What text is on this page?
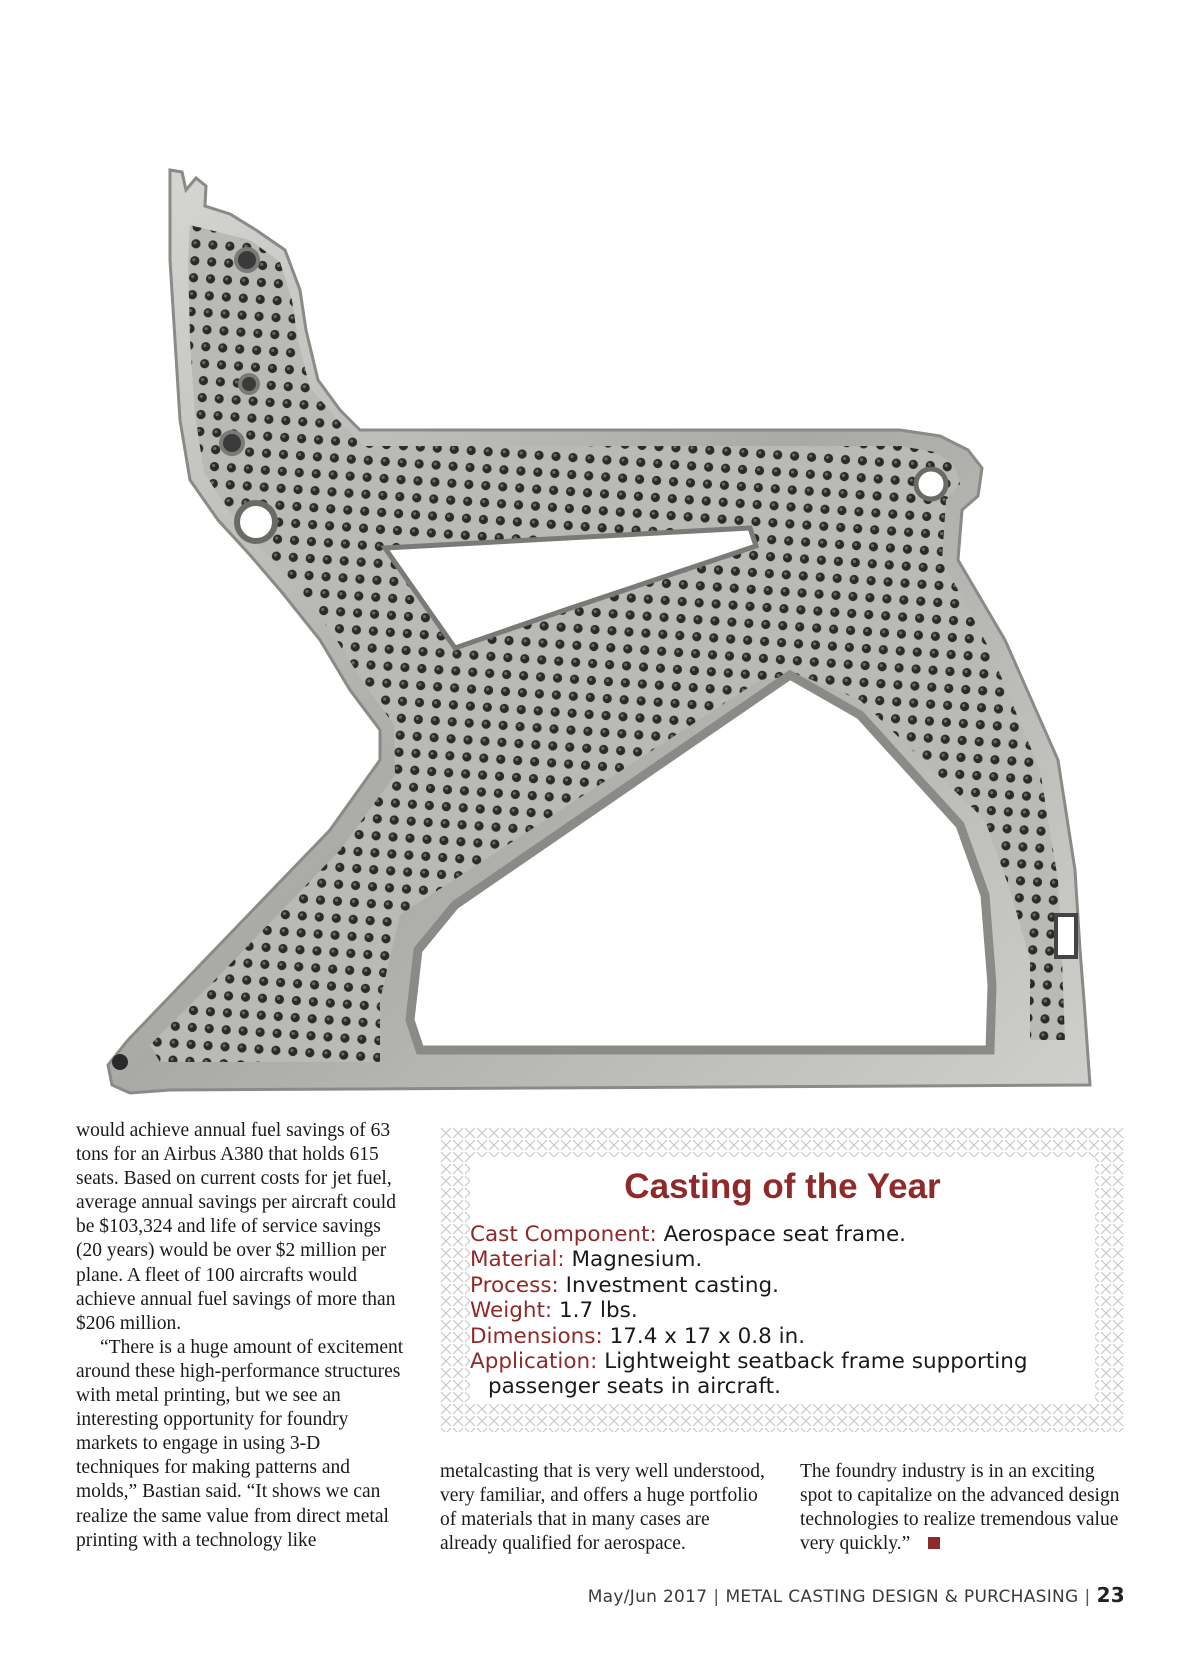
would achieve annual fuel savings of 63 tons for an Airbus A380 that holds 615 seats. Based on current costs for jet fuel, average annual savings per aircraft could be $103,324 and life of service savings (20 years) would be over $2 million per plane. A fleet of 100 aircrafts would achieve annual fuel savings of more than $206 million.

“There is a huge amount of excitement around these high-performance structures with metal printing, but we see an interesting opportunity for foundry markets to engage in using 3-D techniques for making patterns and molds,” Bastian said. “It shows we can realize the same value from direct metal printing with a technology like

Casting of the Year
Cast Component: Aerospace seat frame.
Material: Magnesium.
Process: Investment casting.
Weight: 1.7 lbs.
Dimensions: 17.4 x 17 x 0.8 in.
Application: Lightweight seatback frame supporting passenger seats in aircraft.

metalcasting that is very well understood, very familiar, and offers a huge portfolio of materials that in many cases are already qualified for aerospace.

The foundry industry is in an exciting spot to capitalize on the advanced design technologies to realize tremendous value very quickly.”

May/Jun 2017 | METAL CASTING DESIGN & PURCHASING | 23
